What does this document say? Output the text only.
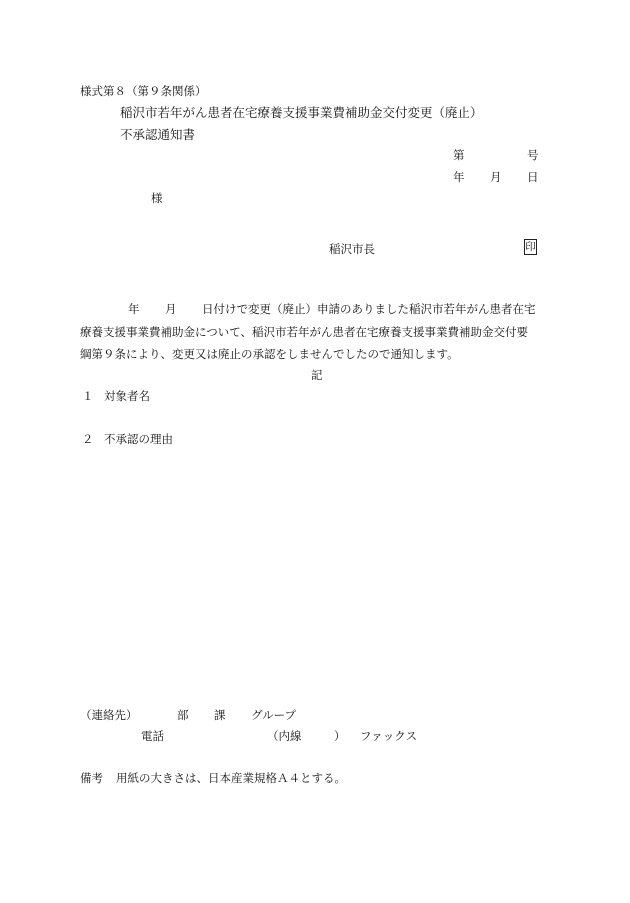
様式第８（第９条関係）
稲沢市若年がん患者在宅療養支援事業費補助金交付変更（廃止）
不承認通知書
第	号
年 月 日
様
稲沢市長	印
年 月 日付けで変更（廃止）申請のありました稲沢市若年がん患者在宅
療養支援事業費補助金について、稲沢市若年がん患者在宅療養支援事業費補助金交付要
綱第９条により、変更又は廃止の承認をしませんでしたので通知します。
記
１ 対象者名
２ 不承認の理由
（連絡先）	部 課 グループ
電話	（内線	） ファックス
備考 用紙の大きさは、日本産業規格Ａ４とする。
